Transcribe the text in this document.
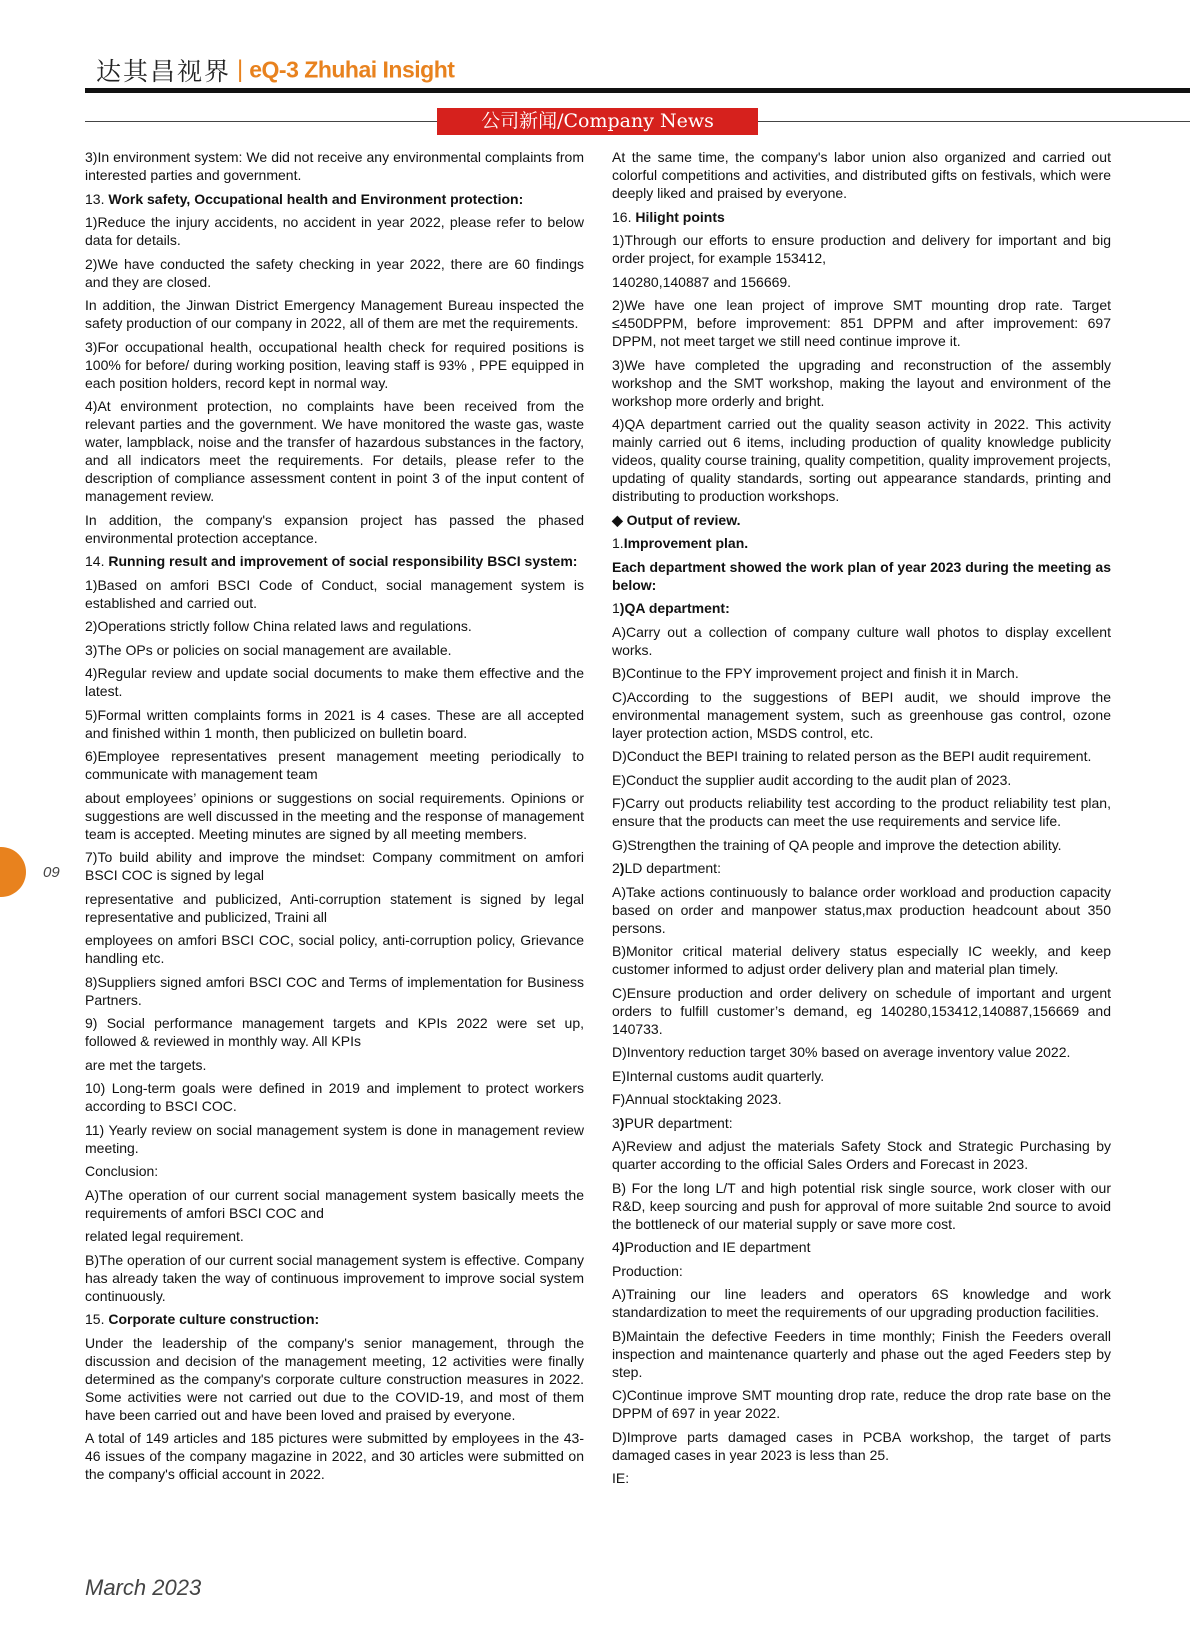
达其昌视界 | eQ-3 Zhuhai Insight
公司新闻/Company News

3)In environment system: We did not receive any environmental complaints from interested parties and government.

13. Work safety, Occupational health and Environment protection:

1)Reduce the injury accidents, no accident in year 2022, please refer to below data for details.

2)We have conducted the safety checking in year 2022, there are 60 findings and they are closed.

In addition, the Jinwan District Emergency Management Bureau inspected the safety production of our company in 2022, all of them are met the requirements.

3)For occupational health, occupational health check for required positions is 100% for before/ during working position, leaving staff is 93% , PPE equipped in each position holders, record kept in normal way.

4)At environment protection, no complaints have been received from the relevant parties and the government. We have monitored the waste gas, waste water, lampblack, noise and the transfer of hazardous substances in the factory, and all indicators meet the requirements. For details, please refer to the description of compliance assessment content in point 3 of the input content of management review.

In addition, the company's expansion project has passed the phased environmental protection acceptance.

14. Running result and improvement of social responsibility BSCI system:

1)Based on amfori BSCI Code of Conduct, social management system is established and carried out.

2)Operations strictly follow China related laws and regulations.

3)The OPs or policies on social management are available.

4)Regular review and update social documents to make them effective and the latest.

5)Formal written complaints forms in 2021 is 4 cases. These are all accepted and finished within 1 month, then publicized on bulletin board.

6)Employee representatives present management meeting periodically to communicate with management team

about employees’ opinions or suggestions on social requirements. Opinions or suggestions are well discussed in the meeting and the response of management team is accepted. Meeting minutes are signed by all meeting members.

7)To build ability and improve the mindset: Company commitment on amfori BSCI COC is signed by legal

representative and publicized, Anti-corruption statement is signed by legal representative and publicized, Traini all

employees on amfori BSCI COC, social policy, anti-corruption policy, Grievance handling etc.

8)Suppliers signed amfori BSCI COC and Terms of implementation for Business Partners.

9) Social performance management targets and KPIs 2022 were set up, followed & reviewed in monthly way. All KPIs

are met the targets.

10) Long-term goals were defined in 2019 and implement to protect workers according to BSCI COC.

11) Yearly review on social management system is done in management review meeting.

Conclusion:

A)The operation of our current social management system basically meets the requirements of amfori BSCI COC and

related legal requirement.

B)The operation of our current social management system is effective. Company has already taken the way of continuous improvement to improve social system continuously.

15. Corporate culture construction:

Under the leadership of the company's senior management, through the discussion and decision of the management meeting, 12 activities were finally determined as the company's corporate culture construction measures in 2022. Some activities were not carried out due to the COVID-19, and most of them have been carried out and have been loved and praised by everyone.

A total of 149 articles and 185 pictures were submitted by employees in the 43-46 issues of the company magazine in 2022, and 30 articles were submitted on the company's official account in 2022.

At the same time, the company's labor union also organized and carried out colorful competitions and activities, and distributed gifts on festivals, which were deeply liked and praised by everyone.

16. Hilight points

1)Through our efforts to ensure production and delivery for important and big order project, for example 153412,

140280,140887 and 156669.

2)We have one lean project of improve SMT mounting drop rate. Target ≤450DPPM, before improvement: 851 DPPM and after improvement: 697 DPPM, not meet target we still need continue improve it.

3)We have completed the upgrading and reconstruction of the assembly workshop and the SMT workshop, making the layout and environment of the workshop more orderly and bright.

4)QA department carried out the quality season activity in 2022. This activity mainly carried out 6 items, including production of quality knowledge publicity videos, quality course training, quality competition, quality improvement projects, updating of quality standards, sorting out appearance standards, printing and distributing to production workshops.

◆ Output of review.

1.Improvement plan.

Each department showed the work plan of year 2023 during the meeting as below:

1)QA department:

A)Carry out a collection of company culture wall photos to display excellent works.

B)Continue to the FPY improvement project and finish it in March.

C)According to the suggestions of BEPI audit, we should improve the environmental management system, such as greenhouse gas control, ozone layer protection action, MSDS control, etc.

D)Conduct the BEPI training to related person as the BEPI audit requirement.

E)Conduct the supplier audit according to the audit plan of 2023.

F)Carry out products reliability test according to the product reliability test plan, ensure that the products can meet the use requirements and service life.

G)Strengthen the training of QA people and improve the detection ability.

2)LD department:

A)Take actions continuously to balance order workload and production capacity based on order and manpower status,max production headcount about 350 persons.

B)Monitor critical material delivery status especially IC weekly, and keep customer informed to adjust order delivery plan and material plan timely.

C)Ensure production and order delivery on schedule of important and urgent orders to fulfill customer’s demand, eg 140280,153412,140887,156669 and 140733.

D)Inventory reduction target 30% based on average inventory value 2022.

E)Internal customs audit quarterly.

F)Annual stocktaking 2023.

3)PUR department:

A)Review and adjust the materials Safety Stock and Strategic Purchasing by quarter according to the official Sales Orders and Forecast in 2023.

B) For the long L/T and high potential risk single source, work closer with our R&D, keep sourcing and push for approval of more suitable 2nd source to avoid the bottleneck of our material supply or save more cost.

4)Production and IE department

Production:

A)Training our line leaders and operators 6S knowledge and work standardization to meet the requirements of our upgrading production facilities.

B)Maintain the defective Feeders in time monthly; Finish the Feeders overall inspection and maintenance quarterly and phase out the aged Feeders step by step.

C)Continue improve SMT mounting drop rate, reduce the drop rate base on the DPPM of 697 in year 2022.

D)Improve parts damaged cases in PCBA workshop, the target of parts damaged cases in year 2023 is less than 25.

IE:

09
March 2023
